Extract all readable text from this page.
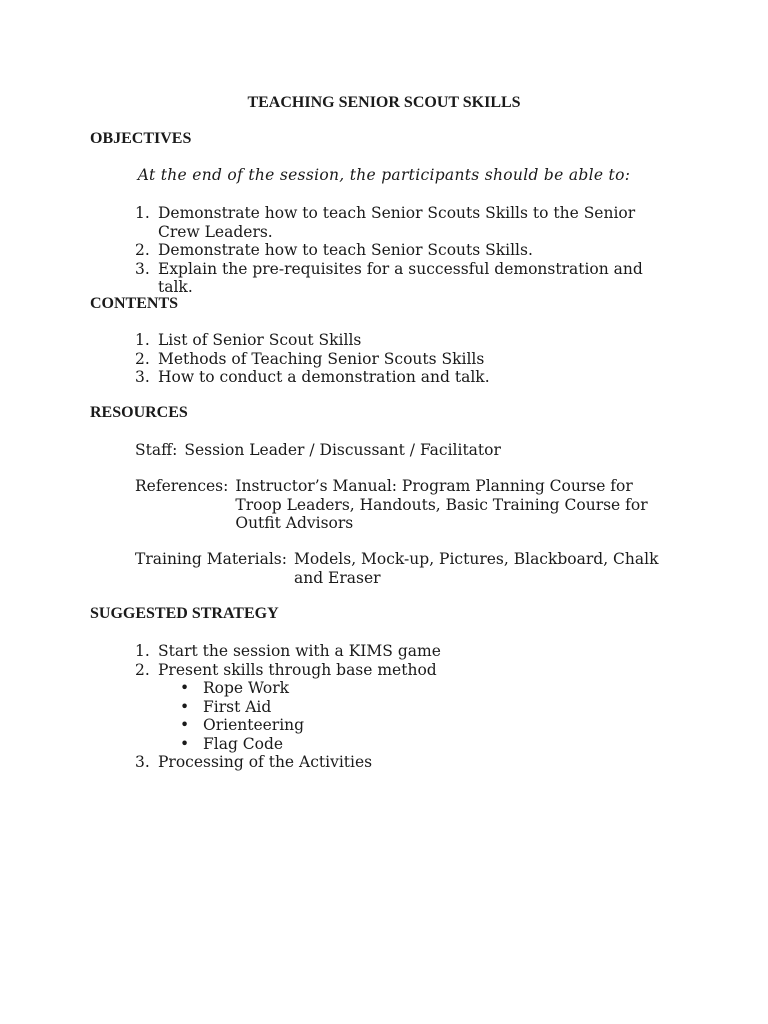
TEACHING SENIOR SCOUT SKILLS
OBJECTIVES
At the end of the session, the participants should be able to:
1. Demonstrate how to teach Senior Scouts Skills to the Senior Crew Leaders.
2. Demonstrate how to teach Senior Scouts Skills.
3. Explain the pre-requisites for a successful demonstration and talk.
CONTENTS
1. List of Senior Scout Skills
2. Methods of Teaching Senior Scouts Skills
3. How to conduct a demonstration and talk.
RESOURCES
Staff: Session Leader / Discussant / Facilitator
References: Instructor’s Manual: Program Planning Course for Troop Leaders, Handouts, Basic Training Course for Outfit Advisors
Training Materials: Models, Mock-up, Pictures, Blackboard, Chalk and Eraser
SUGGESTED STRATEGY
1. Start the session with a KIMS game
2. Present skills through base method
• Rope Work
• First Aid
• Orienteering
• Flag Code
3. Processing of the Activities
